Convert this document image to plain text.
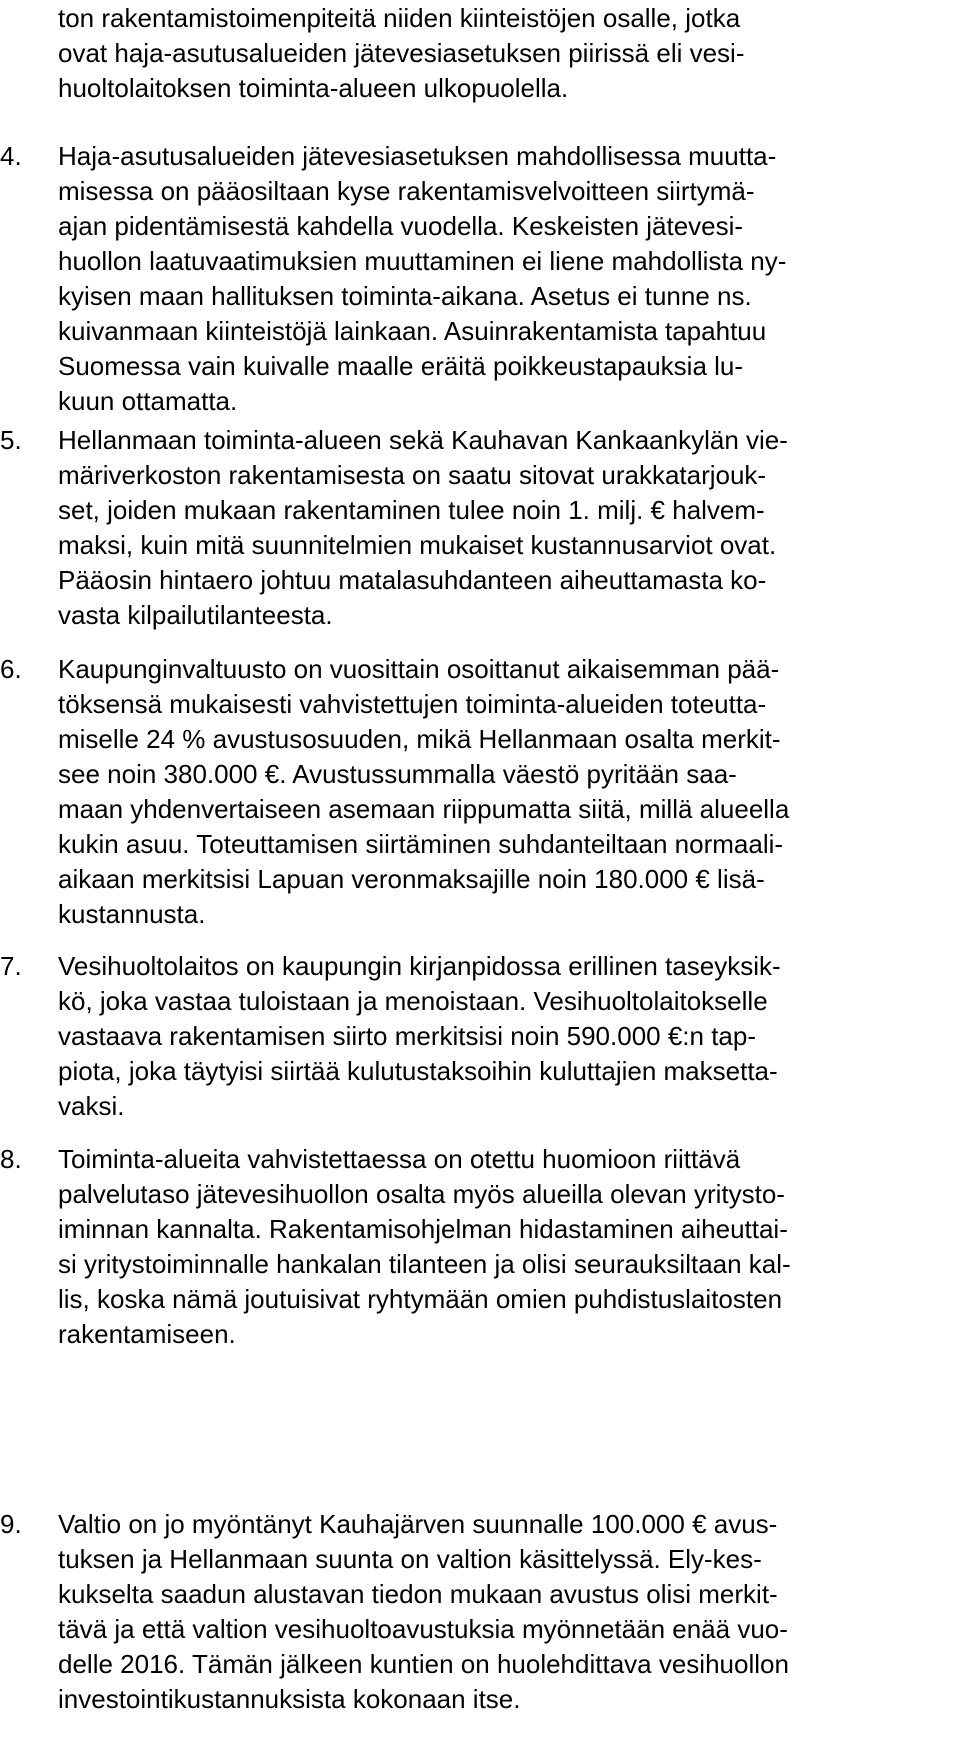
ton rakentamistoimenpiteitä niiden kiinteistöjen osalle, jotka
ovat haja-asutusalueiden jätevesiasetuksen piirissä eli vesi-
huoltolaitoksen toiminta-alueen ulkopuolella.
4. Haja-asutusalueiden jätevesiasetuksen mahdollisessa muutta-
misessa on pääosiltaan kyse rakentamisvelvoitteen siirtymä-
ajan pidentämisestä kahdella vuodella. Keskeisten jätevesi-
huollon laatuvaatimuksien muuttaminen ei liene mahdollista ny-
kyisen maan hallituksen toiminta-aikana. Asetus ei tunne ns.
kuivanmaan kiinteistöjä lainkaan. Asuinrakentamista tapahtuu
Suomessa vain kuivalle maalle eräitä poikkeustapauksia lu-
kuun ottamatta.
5. Hellanmaan toiminta-alueen sekä Kauhavan Kankaankylän vie-
märiverkoston rakentamisesta on saatu sitovat urakkatarjouk-
set, joiden mukaan rakentaminen tulee noin 1. milj. € halvem-
maksi, kuin mitä suunnitelmien mukaiset kustannusarviot ovat.
Pääosin hintaero johtuu matalasuhdanteen aiheuttamasta ko-
vasta kilpailutilanteesta.
6. Kaupunginvaltuusto on vuosittain osoittanut aikaisemman pää-
töksensä mukaisesti vahvistettujen toiminta-alueiden toteutta-
miselle 24 % avustusosuuden, mikä Hellanmaan osalta merkit-
see noin 380.000 €. Avustussummalla väestö pyritään saa-
maan yhdenvertaiseen asemaan riippumatta siitä, millä alueella
kukin asuu. Toteuttamisen siirtäminen suhdanteiltaan normaali-
aikaan merkitsisi Lapuan veronmaksajille noin 180.000 € lisä-
kustannusta.
7. Vesihuoltolaitos on kaupungin kirjanpidossa erillinen taseyksik-
kö, joka vastaa tuloistaan ja menoistaan. Vesihuoltolaitokselle
vastaava rakentamisen siirto merkitsisi noin 590.000 €:n tap-
piota, joka täytyisi siirtää kulutustaksoihin kuluttajien maksetta-
vaksi.
8. Toiminta-alueita vahvistettaessa on otettu huomioon riittävä
palvelutaso jätevesihuollon osalta myös alueilla olevan yritysto-
iminnan kannalta. Rakentamisohjelman hidastaminen aiheuttai-
si yritystoiminnalle hankalan tilanteen ja olisi seurauksiltaan kal-
lis, koska nämä joutuisivat ryhtymään omien puhdistuslaitosten
rakentamiseen.
9. Valtio on jo myöntänyt Kauhajärven suunnalle 100.000 € avus-
tuksen ja Hellanmaan suunta on valtion käsittelyssä. Ely-kes-
kukselta saadun alustavan tiedon mukaan avustus olisi merkit-
tävä ja että valtion vesihuoltoavustuksia myönnetään enää vuo-
delle 2016. Tämän jälkeen kuntien on huolehdittava vesihuollon
investointikustannuksista kokonaan itse.
